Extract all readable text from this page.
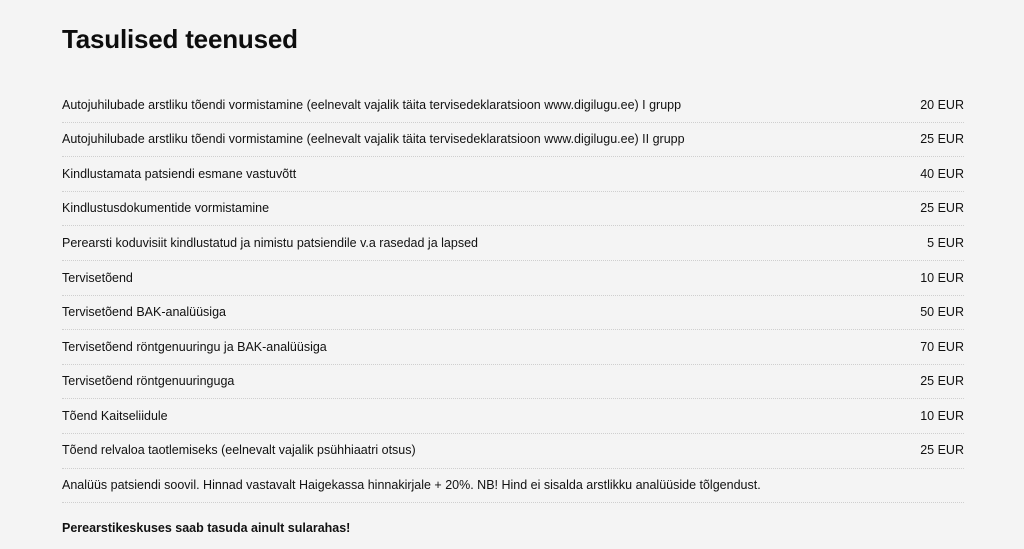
Tasulised teenused
Autojuhilubade arstliku tõendi vormistamine (eelnevalt vajalik täita tervisedeklaratsioon www.digilugu.ee) I grupp	20 EUR
Autojuhilubade arstliku tõendi vormistamine (eelnevalt vajalik täita tervisedeklaratsioon www.digilugu.ee) II grupp	25 EUR
Kindlustamata patsiendi esmane vastuvõtt	40 EUR
Kindlustusdokumentide vormistamine	25 EUR
Perearsti koduvisiit kindlustatud ja nimistu patsiendile v.a rasedad ja lapsed	5 EUR
Tervisetõend	10 EUR
Tervisetõend BAK-analüüsiga	50 EUR
Tervisetõend röntgenuuringu ja BAK-analüüsiga	70 EUR
Tervisetõend röntgenuuringuga	25 EUR
Tõend Kaitseliidule	10 EUR
Tõend relvaloa taotlemiseks (eelnevalt vajalik psühhiaatri otsus)	25 EUR
Analüüs patsiendi soovil. Hinnad vastavalt Haigekassa hinnakirjale + 20%. NB! Hind ei sisalda arstlikku analüüside tõlgendust.
Perearstikeskuses saab tasuda ainult sularahas!
